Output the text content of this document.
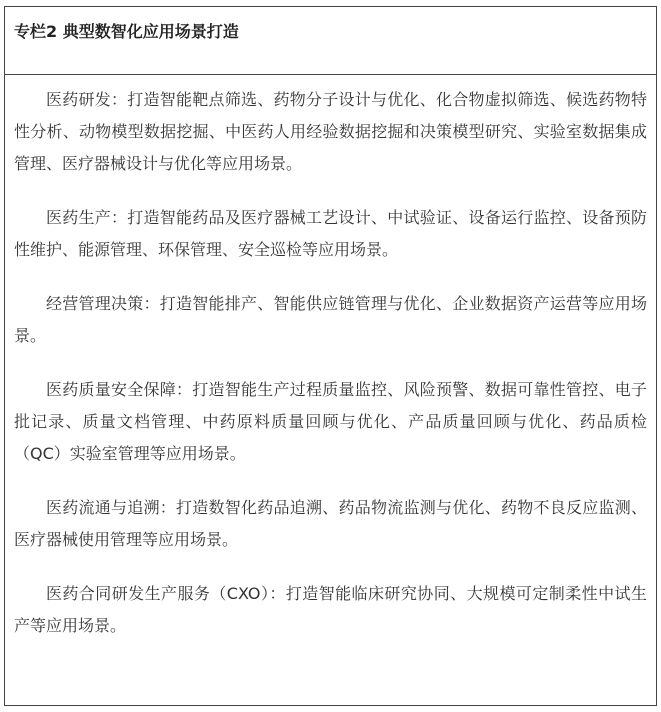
专栏2 典型数智化应用场景打造

医药研发：打造智能靶点筛选、药物分子设计与优化、化合物虚拟筛选、候选药物特性分析、动物模型数据挖掘、中医药人用经验数据挖掘和决策模型研究、实验室数据集成管理、医疗器械设计与优化等应用场景。

医药生产：打造智能药品及医疗器械工艺设计、中试验证、设备运行监控、设备预防性维护、能源管理、环保管理、安全巡检等应用场景。

经营管理决策：打造智能排产、智能供应链管理与优化、企业数据资产运营等应用场景。

医药质量安全保障：打造智能生产过程质量监控、风险预警、数据可靠性管控、电子批记录、质量文档管理、中药原料质量回顾与优化、产品质量回顾与优化、药品质检（QC）实验室管理等应用场景。

医药流通与追溯：打造数智化药品追溯、药品物流监测与优化、药物不良反应监测、医疗器械使用管理等应用场景。

医药合同研发生产服务（CXO）：打造智能临床研究协同、大规模可定制柔性中试生产等应用场景。
